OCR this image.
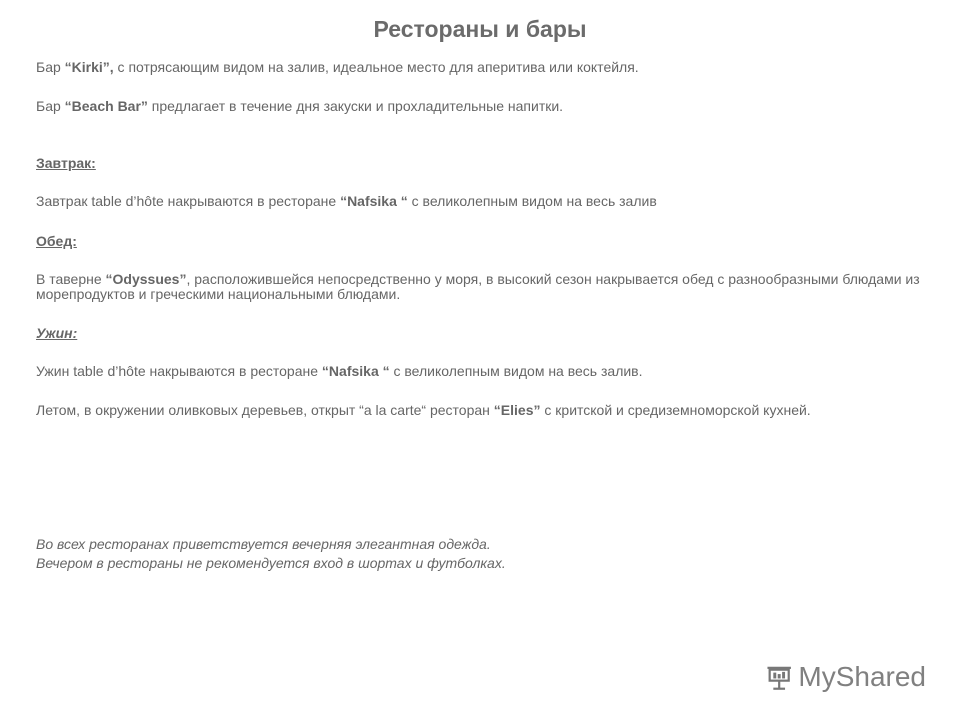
Рестораны и бары

Бар “Kirki”, с потрясающим видом на залив, идеальное место для аперитива или коктейля.

Бар “Beach Bar” предлагает в течение дня закуски и прохладительные напитки.

Завтрак:

Завтрак table d’hôte накрываются в ресторане “Nafsika “ с великолепным видом на весь залив

Обед:

В таверне “Odyssues”, расположившейся непосредственно у моря, в высокий сезон накрывается обед с разнообразными блюдами из морепродуктов и греческими национальными блюдами.

Ужин:

Ужин table d’hôte накрываются в ресторане “Nafsika “ с великолепным видом на весь залив.

Летом, в окружении оливковых деревьев, открыт “a la carte“ ресторан “Elies” с критской и средиземноморской кухней.

Во всех ресторанах приветствуется вечерняя элегантная одежда.

Вечером в рестораны не рекомендуется вход в шортах и футболках.

MyShared
